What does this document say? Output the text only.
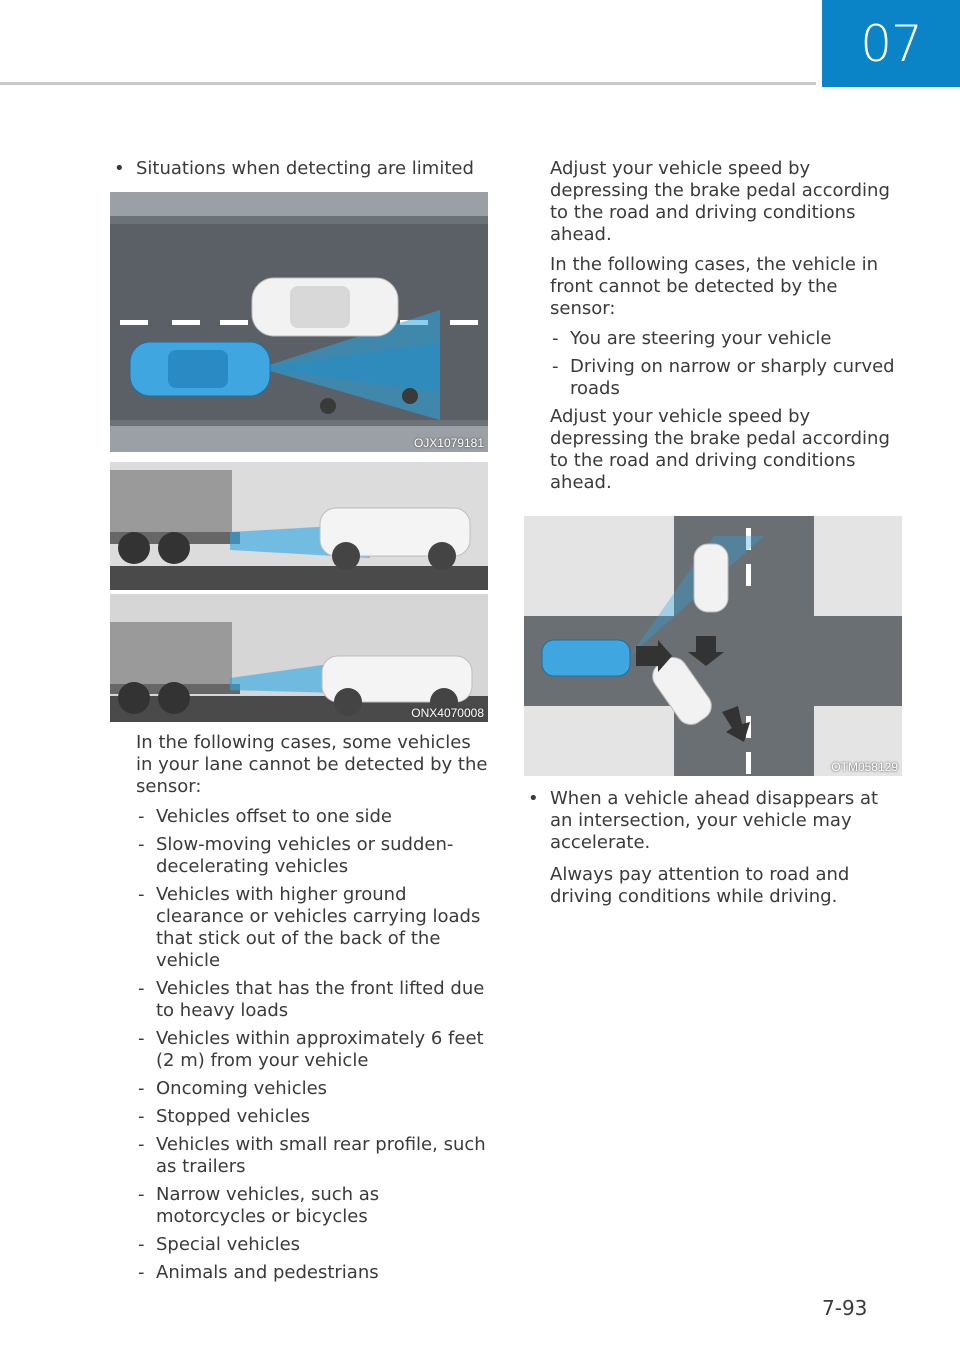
07

• Situations when detecting are limited

OJX1079181
ONX4070008

In the following cases, some vehicles in your lane cannot be detected by the sensor:

- Vehicles offset to one side
- Slow-moving vehicles or sudden-decelerating vehicles
- Vehicles with higher ground clearance or vehicles carrying loads that stick out of the back of the vehicle
- Vehicles that has the front lifted due to heavy loads
- Vehicles within approximately 6 feet (2 m) from your vehicle
- Oncoming vehicles
- Stopped vehicles
- Vehicles with small rear profile, such as trailers
- Narrow vehicles, such as motorcycles or bicycles
- Special vehicles
- Animals and pedestrians

Adjust your vehicle speed by depressing the brake pedal according to the road and driving conditions ahead.

In the following cases, the vehicle in front cannot be detected by the sensor:

- You are steering your vehicle
- Driving on narrow or sharply curved roads

Adjust your vehicle speed by depressing the brake pedal according to the road and driving conditions ahead.

OTM058129

• When a vehicle ahead disappears at an intersection, your vehicle may accelerate.

Always pay attention to road and driving conditions while driving.

7-93
